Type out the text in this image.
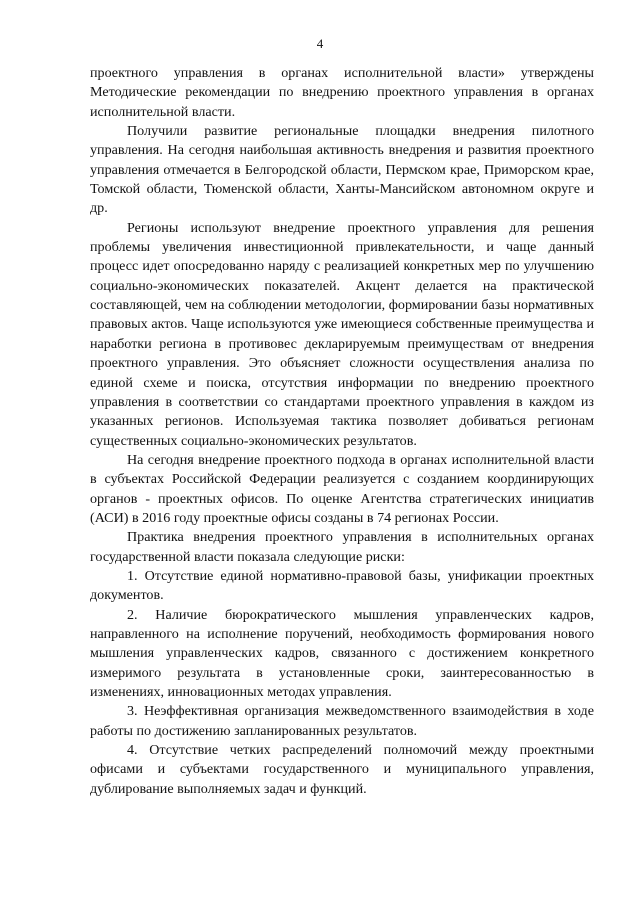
4

проектного управления в органах исполнительной власти» утверждены Методические рекомендации по внедрению проектного управления в органах исполнительной власти.

Получили развитие региональные площадки внедрения пилотного управления. На сегодня наибольшая активность внедрения и развития проектного управления отмечается в Белгородской области, Пермском крае, Приморском крае, Томской области, Тюменской области, Ханты-Мансийском автономном округе и др.

Регионы используют внедрение проектного управления для решения проблемы увеличения инвестиционной привлекательности, и чаще данный процесс идет опосредованно наряду с реализацией конкретных мер по улучшению социально-экономических показателей. Акцент делается на практической составляющей, чем на соблюдении методологии, формировании базы нормативных правовых актов. Чаще используются уже имеющиеся собственные преимущества и наработки региона в противовес декларируемым преимуществам от внедрения проектного управления. Это объясняет сложности осуществления анализа по единой схеме и поиска, отсутствия информации по внедрению проектного управления в соответствии со стандартами проектного управления в каждом из указанных регионов. Используемая тактика позволяет добиваться регионам существенных социально-экономических результатов.

На сегодня внедрение проектного подхода в органах исполнительной власти в субъектах Российской Федерации реализуется с созданием координирующих органов - проектных офисов. По оценке Агентства стратегических инициатив (АСИ) в 2016 году проектные офисы созданы в 74 регионах России.

Практика внедрения проектного управления в исполнительных органах государственной власти показала следующие риски:

1. Отсутствие единой нормативно-правовой базы, унификации проектных документов.

2. Наличие бюрократического мышления управленческих кадров, направленного на исполнение поручений, необходимость формирования нового мышления управленческих кадров, связанного с достижением конкретного измеримого результата в установленные сроки, заинтересованностью в изменениях, инновационных методах управления.

3. Неэффективная организация межведомственного взаимодействия в ходе работы по достижению запланированных результатов.

4. Отсутствие четких распределений полномочий между проектными офисами и субъектами государственного и муниципального управления, дублирование выполняемых задач и функций.
